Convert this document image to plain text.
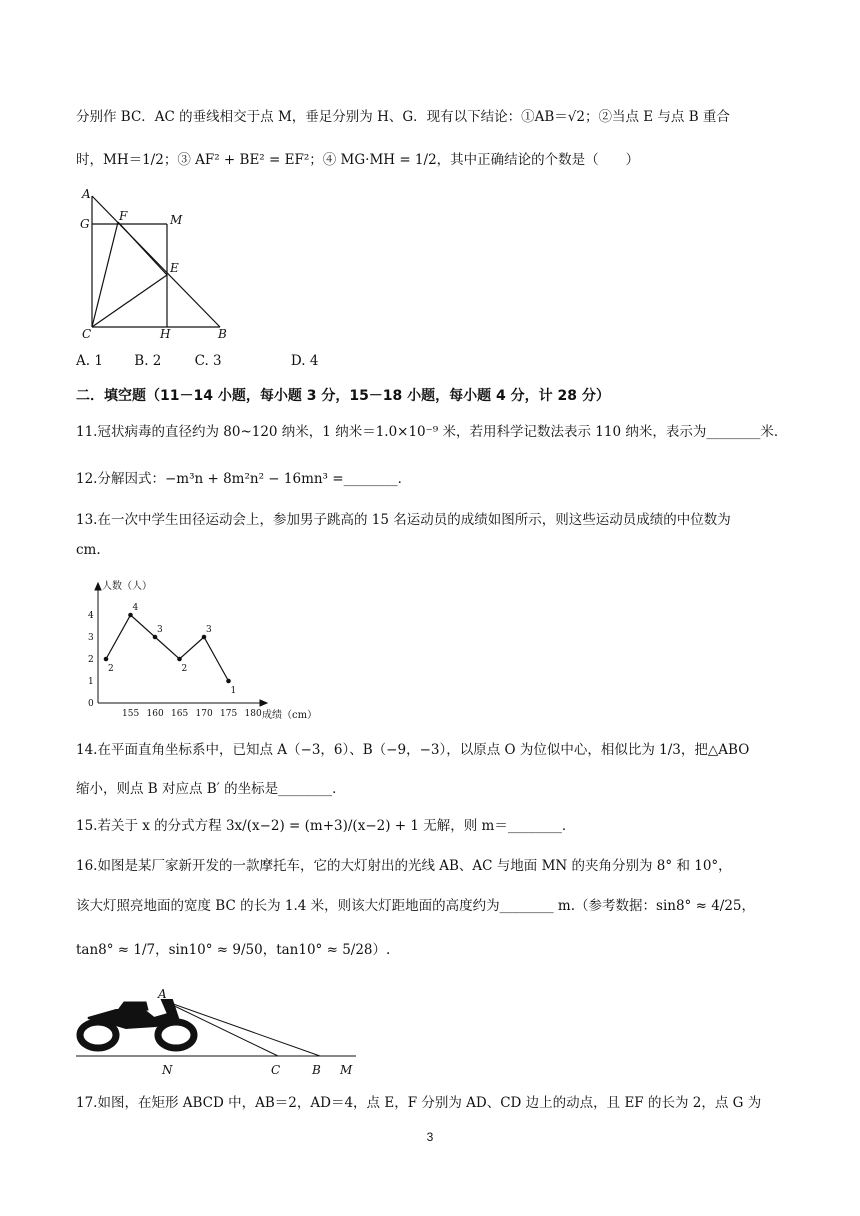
分别作 BC．AC 的垂线相交于点 M，垂足分别为 H、G．现有以下结论：①AB＝√2；②当点 E 与点 B 重合
时，MH＝1/2；③ AF² + BE² = EF²；④ MG·MH = 1/2，其中正确结论的个数是（　　）
A
G
F	M
E
C	H	B
A. 1 B. 2 C. 3	D. 4
二．填空题（11－14 小题，每小题 3 分，15－18 小题，每小题 4 分，计 28 分）
11.冠状病毒的直径约为 80~120 纳米，1 纳米＝1.0×10⁻⁹ 米，若用科学记数法表示 110 纳米，表示为________米．
12.分解因式：−m³n + 8m²n² − 16mn³ =________．
13.在一次中学生田径运动会上，参加男子跳高的 15 名运动员的成绩如图所示，则这些运动员成绩的中位数为
cm.
0
1
2
3
4
155 160 165 170 175 180
人数（人）
成绩（cm）
2
4
3
2
3
1
14.在平面直角坐标系中，已知点 A（−3，6）、B（−9，−3），以原点 O 为位似中心，相似比为 1/3，把△ABO
缩小，则点 B 对应点 B′ 的坐标是________．
15.若关于 x 的分式方程 3x/(x−2) = (m+3)/(x−2) + 1 无解，则 m＝________．
16.如图是某厂家新开发的一款摩托车，它的大灯射出的光线 AB、AC 与地面 MN 的夹角分别为 8° 和 10°，
该大灯照亮地面的宽度 BC 的长为 1.4 米，则该大灯距地面的高度约为________ m.（参考数据：sin8° ≈ 4/25，
tan8° ≈ 1/7，sin10° ≈ 9/50，tan10° ≈ 5/28）.
A
N	C	B M
17.如图，在矩形 ABCD 中，AB＝2，AD＝4，点 E，F 分别为 AD、CD 边上的动点，且 EF 的长为 2，点 G 为
3
